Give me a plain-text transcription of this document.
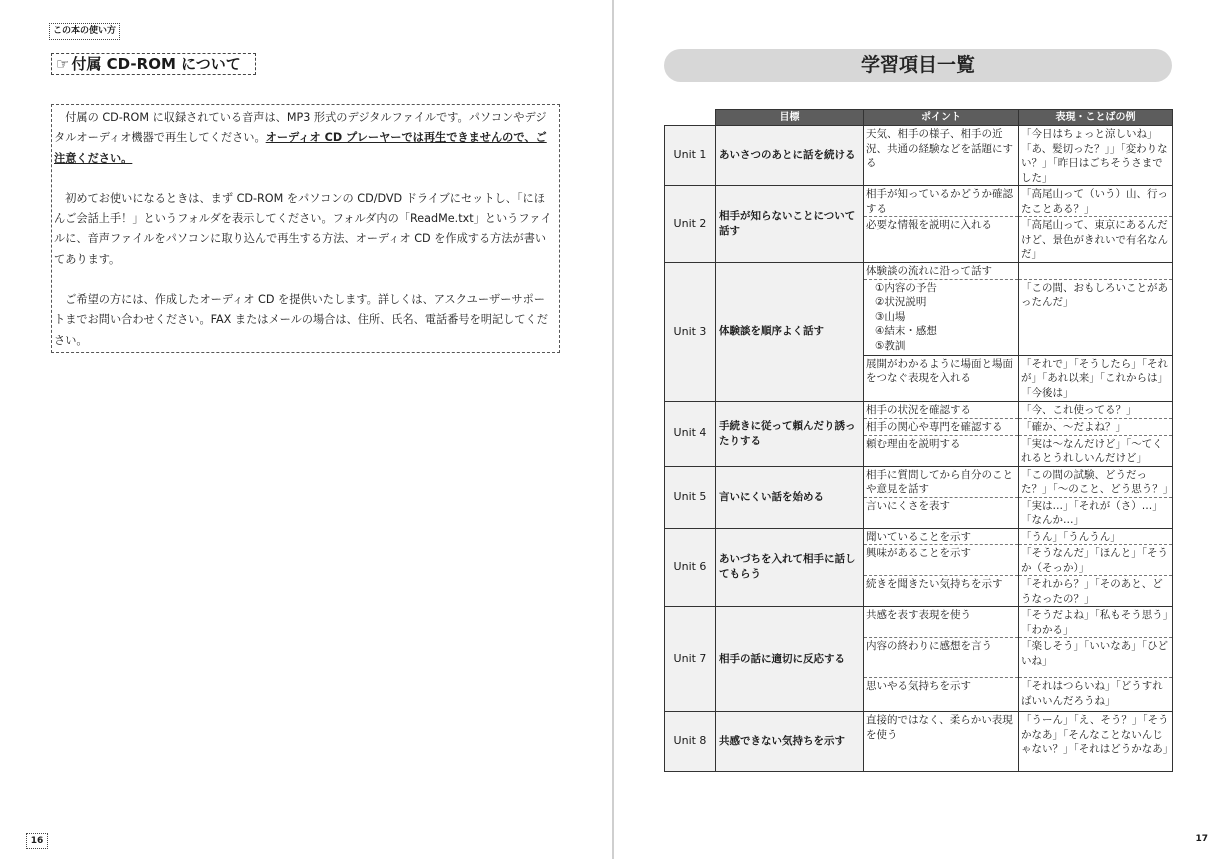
この本の使い方
☞ 付属 CD-ROM について

　付属の CD-ROM に収録されている音声は、MP3 形式のデジタルファイルです。パソコンやデジタルオーディオ機器で再生してください。オーディオ CD プレーヤーでは再生できませんので、ご注意ください。

　初めてお使いになるときは、まず CD-ROM をパソコンの CD/DVD ドライブにセットし、「にほんご会話上手！」というフォルダを表示してください。フォルダ内の「ReadMe.txt」というファイルに、音声ファイルをパソコンに取り込んで再生する方法、オーディオ CD を作成する方法が書いてあります。

　ご希望の方には、作成したオーディオ CD を提供いたします。詳しくは、アスクユーザーサポートまでお問い合わせください。FAX またはメールの場合は、住所、氏名、電話番号を明記してください。

16
学習項目一覧
	目標	ポイント	表現・ことばの例
Unit 1	あいさつのあとに話を続ける	天気、相手の様子、相手の近況、共通の経験などを話題にする	「今日はちょっと涼しいね」「あ、髪切った？」」「変わりない？」「昨日はごちそうさまでした」
Unit 2	相手が知らないことについて話す	相手が知っているかどうか確認する	「高尾山って（いう）山、行ったことある？」
		必要な情報を説明に入れる	「高尾山って、東京にあるんだけど、景色がきれいで有名なんだ」
Unit 3	体験談を順序よく話す	体験談の流れに沿って話す	

		①内容の予告
②状況説明
③山場
④結末・感想
⑤教訓	「この間、おもしろいことがあったんだ」
		展開がわかるように場面と場面をつなぐ表現を入れる	「それで」「そうしたら」「それが」「あれ以来」「これからは」「今後は」
Unit 4	手続きに従って頼んだり誘ったりする	相手の状況を確認する	「今、これ使ってる？」
		相手の関心や専門を確認する	「確か、～だよね？」
		頼む理由を説明する	「実は～なんだけど」「～てくれるとうれしいんだけど」
Unit 5	言いにくい話を始める	相手に質問してから自分のことや意見を話す	「この間の試験、どうだった？」「～のこと、どう思う？」
		言いにくさを表す	「実は…」「それが（さ）…」「なんか…」
Unit 6	あいづちを入れて相手に話してもらう	聞いていることを示す	「うん」「うんうん」
		興味があることを示す	「そうなんだ」「ほんと」「そうか（そっか）」
		続きを聞きたい気持ちを示す	「それから？」「そのあと、どうなったの？」
Unit 7	相手の話に適切に反応する	共感を表す表現を使う	「そうだよね」「私もそう思う」「わかる」
		内容の終わりに感想を言う	「楽しそう」「いいなあ」「ひどいね」
		思いやる気持ちを示す	「それはつらいね」「どうすればいいんだろうね」
Unit 8	共感できない気持ちを示す	直接的ではなく、柔らかい表現を使う	「うーん」「え、そう？」「そうかなあ」「そんなことないんじゃない？」「それはどうかなあ」
17
